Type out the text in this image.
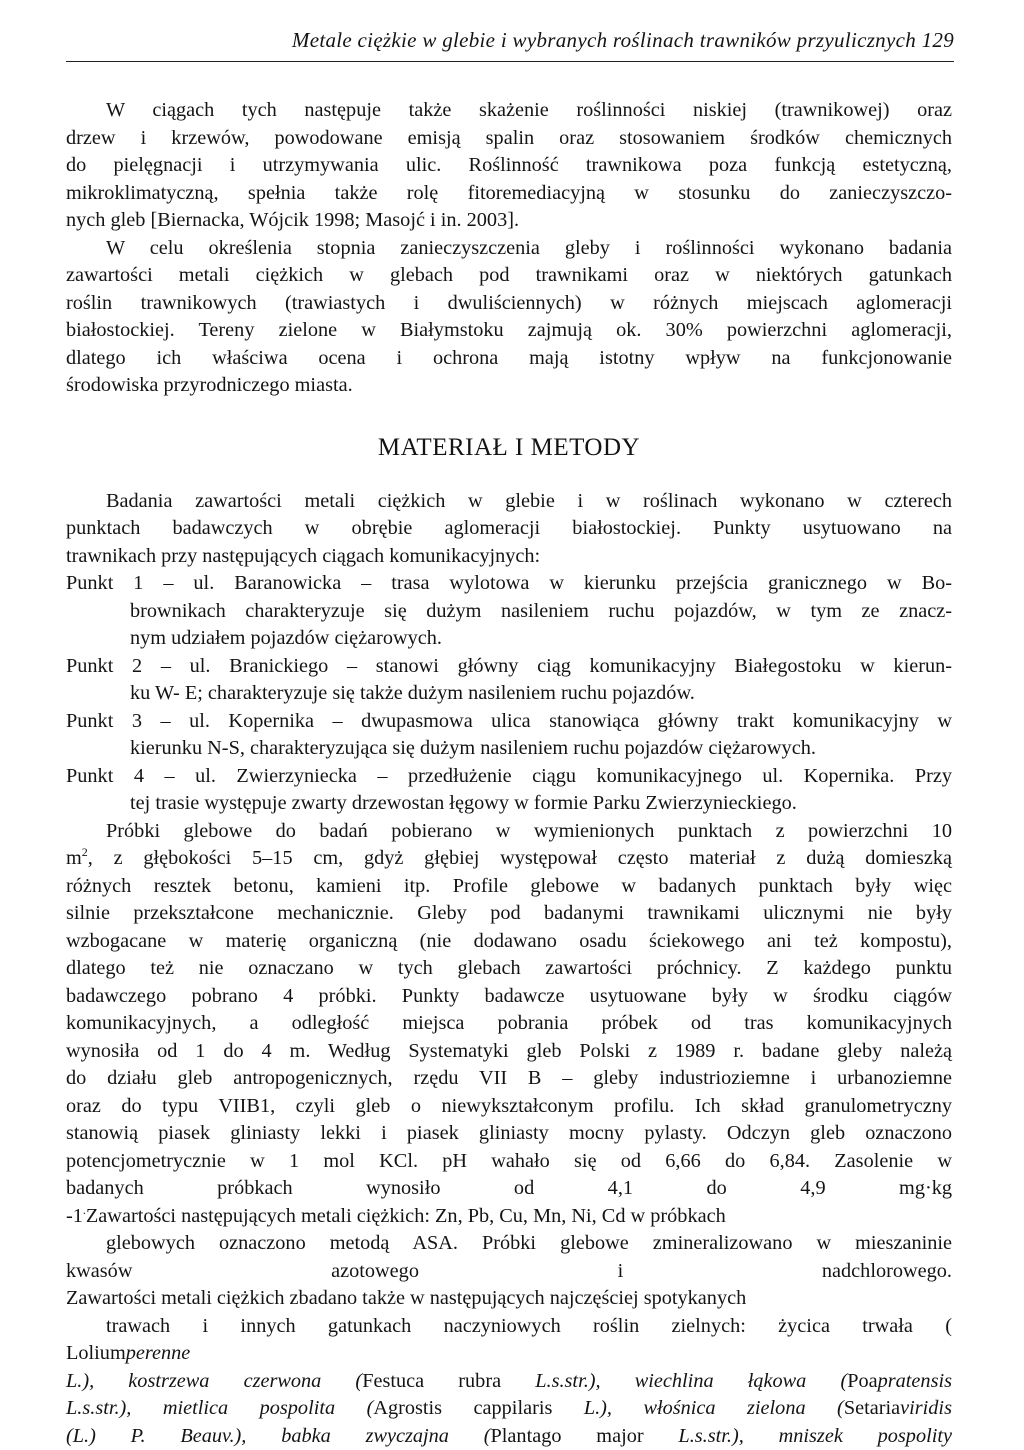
Metale ciężkie w glebie i wybranych roślinach trawników przyulicznych 129
W ciągach tych następuje także skażenie roślinności niskiej (trawnikowej) oraz
drzew i krzewów, powodowane emisją spalin oraz stosowaniem środków chemicznych
do pielęgnacji i utrzymywania ulic. Roślinność trawnikowa poza funkcją estetyczną,
mikroklimatyczną, spełnia także rolę fitoremediacyjną w stosunku do zanieczyszczo-
nych gleb [Biernacka, Wójcik 1998; Masojć i in. 2003].
W celu określenia stopnia zanieczyszczenia gleby i roślinności wykonano badania
zawartości metali ciężkich w glebach pod trawnikami oraz w niektórych gatunkach
roślin trawnikowych (trawiastych i dwuliściennych) w różnych miejscach aglomeracji
białostockiej. Tereny zielone w Białymstoku zajmują ok. 30% powierzchni aglomeracji,
dlatego ich właściwa ocena i ochrona mają istotny wpływ na funkcjonowanie
środowiska przyrodniczego miasta.
MATERIAŁ I METODY
Badania zawartości metali ciężkich w glebie i w roślinach wykonano w czterech
punktach badawczych w obrębie aglomeracji białostockiej. Punkty usytuowano na
trawnikach przy następujących ciągach komunikacyjnych:
Punkt 1 – ul. Baranowicka – trasa wylotowa w kierunku przejścia granicznego w Bo-
brownikach charakteryzuje się dużym nasileniem ruchu pojazdów, w tym ze znacz-
nym udziałem pojazdów ciężarowych.
Punkt 2 – ul. Branickiego – stanowi główny ciąg komunikacyjny Białegostoku w kierun-
ku W- E; charakteryzuje się także dużym nasileniem ruchu pojazdów.
Punkt 3 – ul. Kopernika – dwupasmowa ulica stanowiąca główny trakt komunikacyjny w
kierunku N-S, charakteryzująca się dużym nasileniem ruchu pojazdów ciężarowych.
Punkt 4 – ul. Zwierzyniecka – przedłużenie ciągu komunikacyjnego ul. Kopernika. Przy
tej trasie występuje zwarty drzewostan łęgowy w formie Parku Zwierzynieckiego.
Próbki glebowe do badań pobierano w wymienionych punktach z powierzchni 10
$m^2$, z głębokości 5–15 cm, gdyż głębiej występował często materiał z dużą domieszką
różnych resztek betonu, kamieni itp. Profile glebowe w badanych punktach były więc
silnie przekształcone mechanicznie. Gleby pod badanymi trawnikami ulicznymi nie były
wzbogacane w materię organiczną (nie dodawano osadu ściekowego ani też kompostu),
dlatego też nie oznaczano w tych glebach zawartości próchnicy. Z każdego punktu
badawczego pobrano 4 próbki. Punkty badawcze usytuowane były w środku ciągów
komunikacyjnych, a odległość miejsca pobrania próbek od tras komunikacyjnych
wynosiła od 1 do 4 m. Według Systematyki gleb Polski z 1989 r. badane gleby należą
do działu gleb antropogenicznych, rzędu VII B – gleby industrioziemne i urbanoziemne
oraz do typu VIIB1, czyli gleb o niewykształconym profilu. Ich skład granulometryczny
stanowią piasek gliniasty lekki i piasek gliniasty mocny pylasty. Odczyn gleb oznaczono
potencjometrycznie w 1 mol KCl. pH wahało się od 6,66 do 6,84. Zasolenie w
badanych próbkach wynosiło od 4,1 do 4,9 mg·kg
-1.Zawartości następujących metali ciężkich: Zn, Pb, Cu, Mn, Ni, Cd w próbkach
glebowych oznaczono metodą ASA. Próbki glebowe zmineralizowano w mieszaninie
kwasów azotowego i nadchlorowego.
Zawartości metali ciężkich zbadano także w następujących najczęściej spotykanych
trawach i innych gatunkach naczyniowych roślin zielnych: życica trwała (
Loliumperenne
L.), kostrzewa czerwona (Festuca rubra L.s.str.), wiechlina łąkowa (Poapratensis
L.s.str.), mietlica pospolita (Agrostis cappilaris L.), włośnica zielona (Setariaviridis
(L.) P. Beauv.), babka zwyczajna (Plantago major L.s.str.), mniszek pospolity
